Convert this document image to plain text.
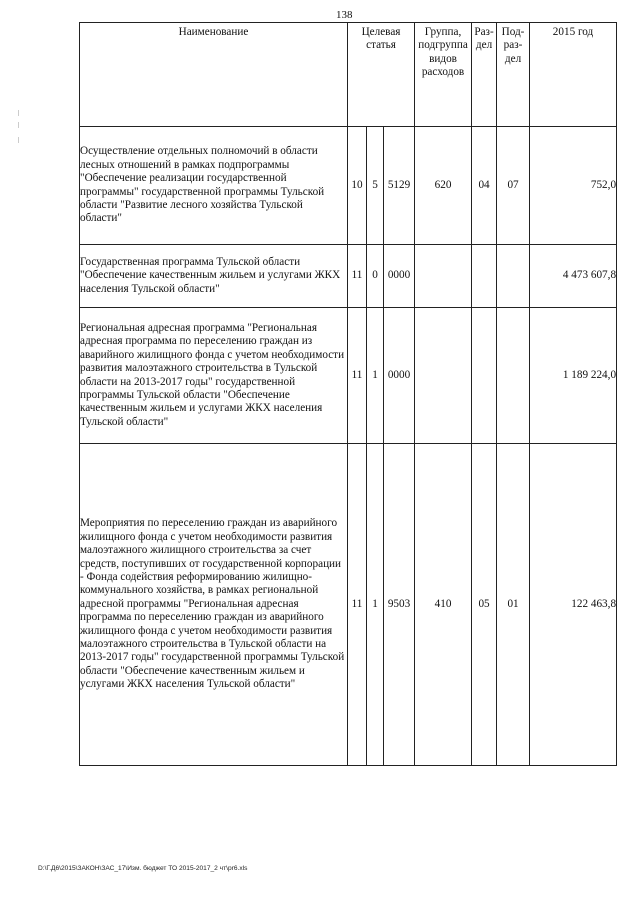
138
Наименование	Целевая статья			Группа, подгруппа видов расходов	Раз-дел	Под-раз-дел	2015 год
Осуществление отдельных полномочий в области лесных отношений в рамках подпрограммы "Обеспечение реализации государственной программы" государственной программы Тульской области "Развитие лесного хозяйства Тульской области"	10	5	5129	620	04	07	752,0
Государственная программа Тульской области "Обеспечение качественным жильем и услугами ЖКХ населения Тульской области"	11	0	0000				4 473 607,8
Региональная адресная программа "Региональная адресная программа по переселению граждан из аварийного жилищного фонда с учетом необходимости развития малоэтажного строительства в Тульской области на 2013-2017 годы" государственной программы Тульской области "Обеспечение качественным жильем и услугами ЖКХ населения Тульской области"	11	1	0000				1 189 224,0
Мероприятия по переселению граждан из аварийного жилищного фонда с учетом необходимости развития малоэтажного жилищного строительства за счет средств, поступивших от государственной корпорации - Фонда содействия реформированию жилищно-коммунального хозяйства, в рамках региональной адресной программы "Региональная адресная программа по переселению граждан из аварийного жилищного фонда с учетом необходимости развития малоэтажного строительства в Тульской области на 2013-2017 годы" государственной программы Тульской области "Обеспечение качественным жильем и услугами ЖКХ населения Тульской области"	11	1	9503	410	05	01	122 463,8
D:\Г.Д6\2015\ЗАКОН\ЗАС_17\Изм. бюджет ТО 2015-2017_2 чт\pr6.xls
